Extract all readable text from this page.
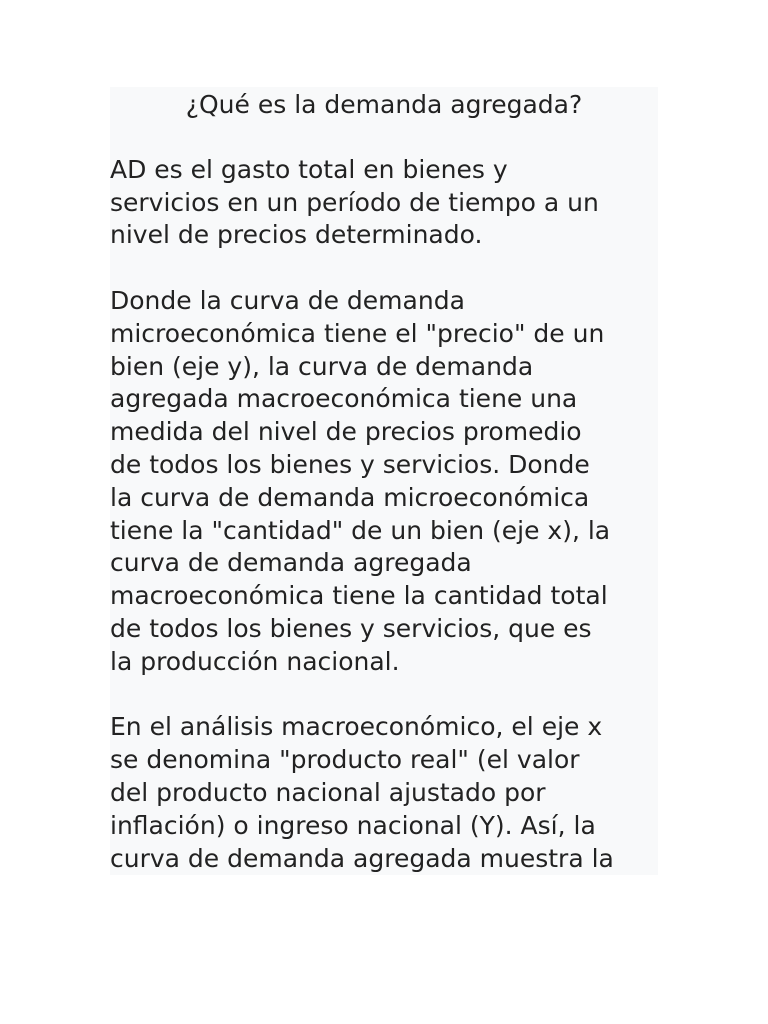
¿Qué es la demanda agregada?

AD es el gasto total en bienes y
servicios en un período de tiempo a un
nivel de precios determinado.

Donde la curva de demanda
microeconómica tiene el "precio" de un
bien (eje y), la curva de demanda
agregada macroeconómica tiene una
medida del nivel de precios promedio
de todos los bienes y servicios. Donde
la curva de demanda microeconómica
tiene la "cantidad" de un bien (eje x), la
curva de demanda agregada
macroeconómica tiene la cantidad total
de todos los bienes y servicios, que es
la producción nacional.

En el análisis macroeconómico, el eje x
se denomina "producto real" (el valor
del producto nacional ajustado por
inflación) o ingreso nacional (Y). Así, la
curva de demanda agregada muestra la
